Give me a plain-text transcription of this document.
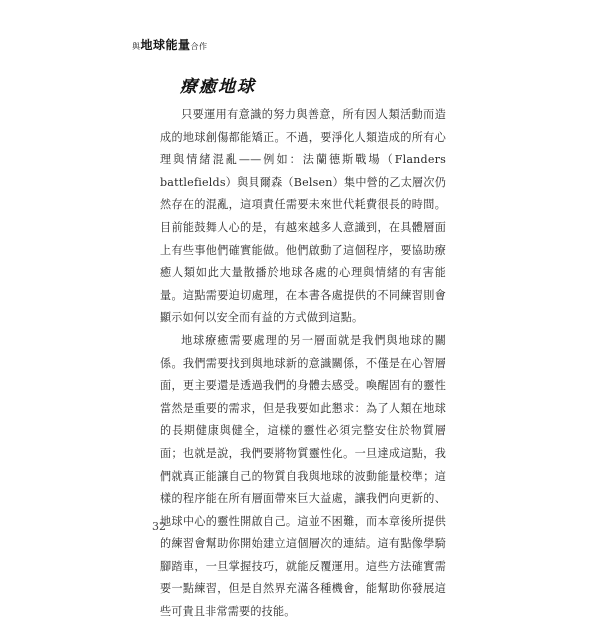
與地球能量合作
療癒地球

只要運用有意識的努力與善意，所有因人類活動而造成的地球創傷都能矯正。不過，要淨化人類造成的所有心理與情緒混亂——例如：法蘭德斯戰場（Flanders battlefields）與貝爾森（Belsen）集中營的乙太層次仍然存在的混亂，這項責任需要未來世代耗費很長的時間。目前能鼓舞人心的是，有越來越多人意識到，在具體層面上有些事他們確實能做。他們啟動了這個程序，要協助療癒人類如此大量散播於地球各處的心理與情緒的有害能量。這點需要迫切處理，在本書各處提供的不同練習則會顯示如何以安全而有益的方式做到這點。

地球療癒需要處理的另一層面就是我們與地球的關係。我們需要找到與地球新的意識關係，不僅是在心智層面，更主要還是透過我們的身體去感受。喚醒固有的靈性當然是重要的需求，但是我要如此懇求：為了人類在地球的長期健康與健全，這樣的靈性必須完整安住於物質層面；也就是說，我們要將物質靈性化。一旦達成這點，我們就真正能讓自己的物質自我與地球的波動能量校準；這樣的程序能在所有層面帶來巨大益處，讓我們向更新的、地球中心的靈性開啟自己。這並不困難，而本章後所提供的練習會幫助你開始建立這個層次的連結。這有點像學騎腳踏車，一旦掌握技巧，就能反覆運用。這些方法確實需要一點練習，但是自然界充滿各種機會，能幫助你發展這些可貴且非常需要的技能。

32
